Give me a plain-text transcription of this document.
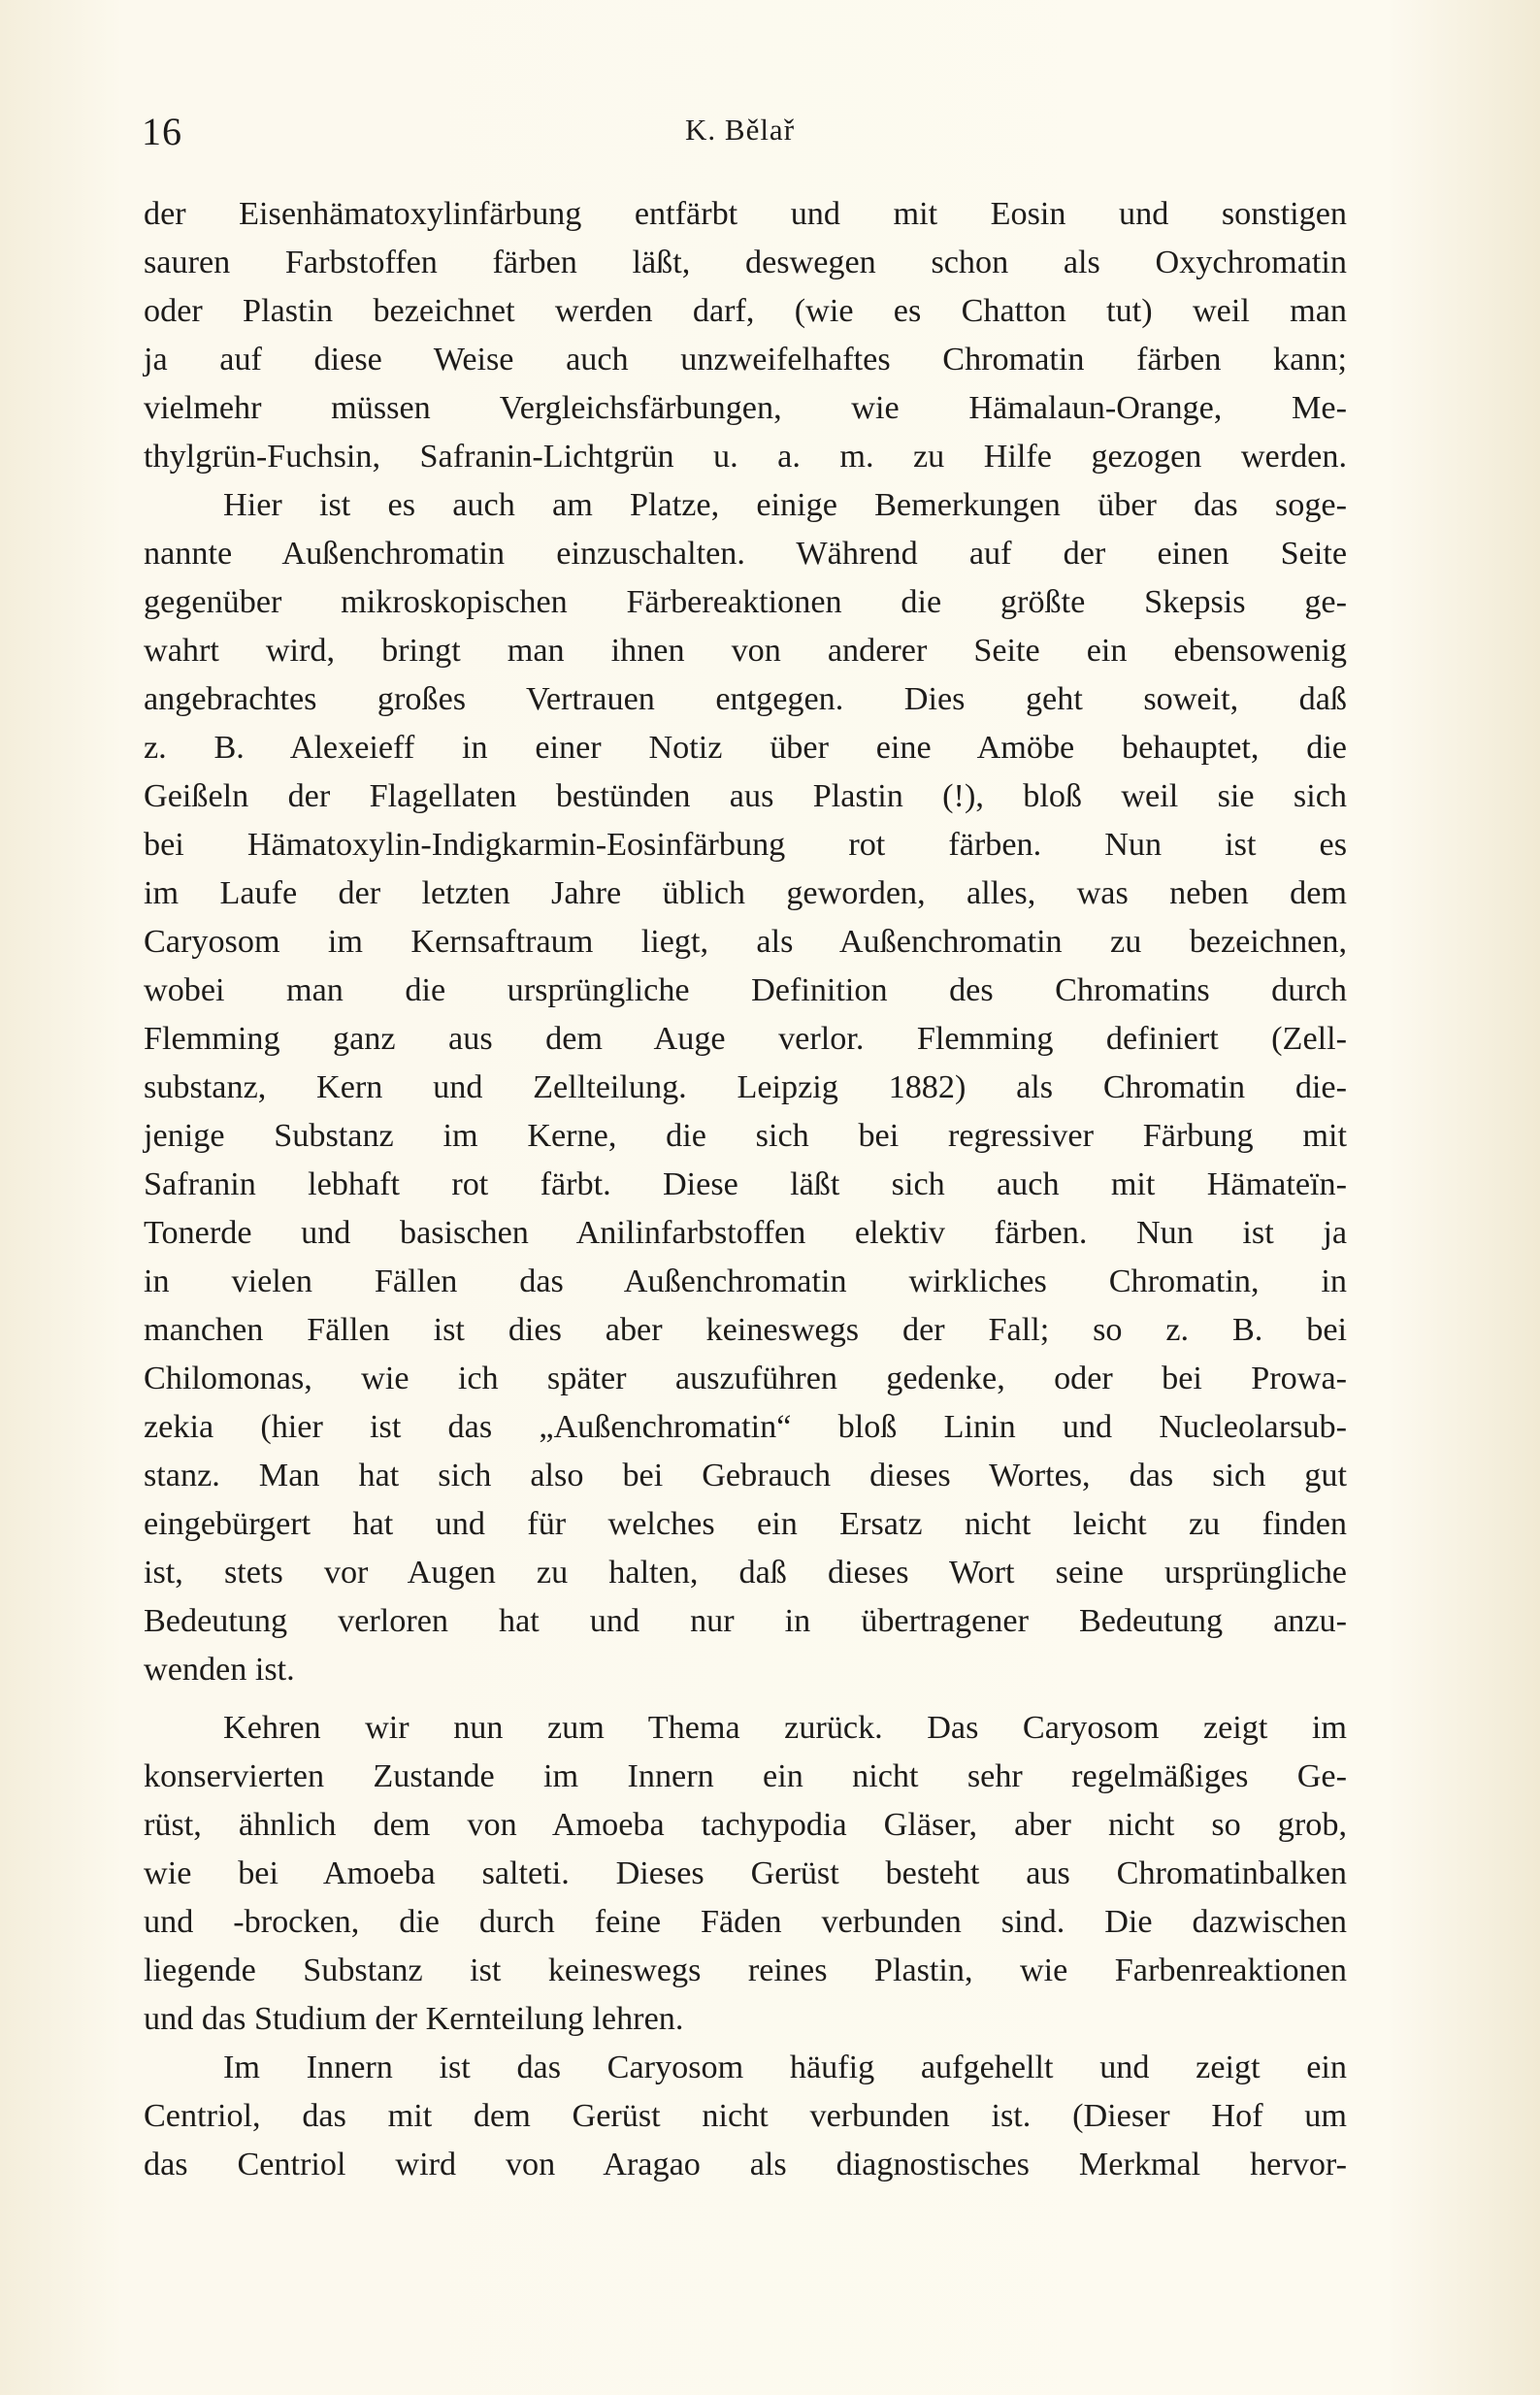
16	K. Bělař
der Eisenhämatoxylinfärbung entfärbt und mit Eosin und sonstigen
sauren Farbstoffen färben läßt, deswegen schon als Oxychromatin
oder Plastin bezeichnet werden darf, (wie es Chatton tut) weil man
ja auf diese Weise auch unzweifelhaftes Chromatin färben kann;
vielmehr müssen Vergleichsfärbungen, wie Hämalaun-Orange, Me-
thylgrün-Fuchsin, Safranin-Lichtgrün u. a. m. zu Hilfe gezogen werden.
Hier ist es auch am Platze, einige Bemerkungen über das soge-
nannte Außenchromatin einzuschalten. Während auf der einen Seite
gegenüber mikroskopischen Färbereaktionen die größte Skepsis ge-
wahrt wird, bringt man ihnen von anderer Seite ein ebensowenig
angebrachtes großes Vertrauen entgegen. Dies geht soweit, daß
z. B. Alexeieff in einer Notiz über eine Amöbe behauptet, die
Geißeln der Flagellaten bestünden aus Plastin (!), bloß weil sie sich
bei Hämatoxylin-Indigkarmin-Eosinfärbung rot färben. Nun ist es
im Laufe der letzten Jahre üblich geworden, alles, was neben dem
Caryosom im Kernsaftraum liegt, als Außenchromatin zu bezeichnen,
wobei man die ursprüngliche Definition des Chromatins durch
Flemming ganz aus dem Auge verlor. Flemming definiert (Zell-
substanz, Kern und Zellteilung. Leipzig 1882) als Chromatin die-
jenige Substanz im Kerne, die sich bei regressiver Färbung mit
Safranin lebhaft rot färbt. Diese läßt sich auch mit Hämateïn-
Tonerde und basischen Anilinfarbstoffen elektiv färben. Nun ist ja
in vielen Fällen das Außenchromatin wirkliches Chromatin, in
manchen Fällen ist dies aber keineswegs der Fall; so z. B. bei
Chilomonas, wie ich später auszuführen gedenke, oder bei Prowa-
zekia (hier ist das „Außenchromatin“ bloß Linin und Nucleolarsub-
stanz. Man hat sich also bei Gebrauch dieses Wortes, das sich gut
eingebürgert hat und für welches ein Ersatz nicht leicht zu finden
ist, stets vor Augen zu halten, daß dieses Wort seine ursprüngliche
Bedeutung verloren hat und nur in übertragener Bedeutung anzu-
wenden ist.
Kehren wir nun zum Thema zurück. Das Caryosom zeigt im
konservierten Zustande im Innern ein nicht sehr regelmäßiges Ge-
rüst, ähnlich dem von Amoeba tachypodia Gläser, aber nicht so grob,
wie bei Amoeba salteti. Dieses Gerüst besteht aus Chromatinbalken
und -brocken, die durch feine Fäden verbunden sind. Die dazwischen
liegende Substanz ist keineswegs reines Plastin, wie Farbenreaktionen
und das Studium der Kernteilung lehren.
Im Innern ist das Caryosom häufig aufgehellt und zeigt ein
Centriol, das mit dem Gerüst nicht verbunden ist. (Dieser Hof um
das Centriol wird von Aragao als diagnostisches Merkmal hervor-
